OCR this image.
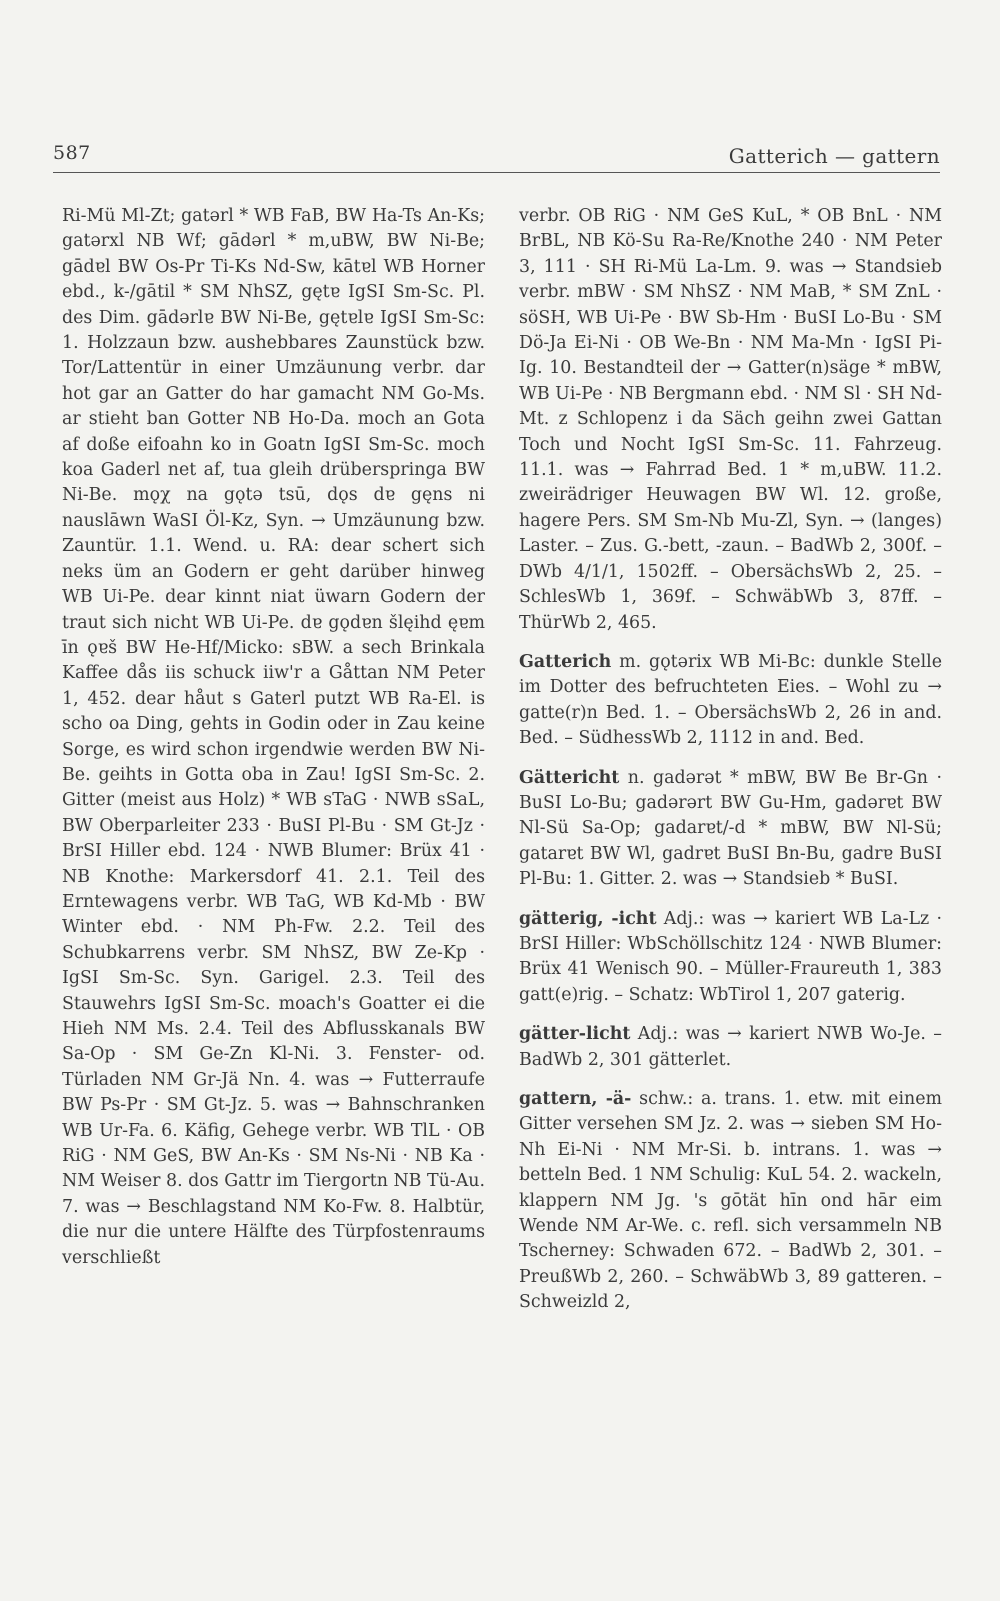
587	Gatterich — gattern

Ri-Mü Ml-Zt; gatərl * WB FaB, BW Ha-Ts An-Ks; gatərxl NB Wf; gādərl * m,uBW, BW Ni-Be; gādɐl BW Os-Pr Ti-Ks Nd-Sw, kātɐl WB Horner ebd., k-/gātil * SM NhSZ, gętɐ IgSI Sm-Sc. Pl. des Dim. gādərlɐ BW Ni-Be, gętɐlɐ IgSI Sm-Sc: 1. Holzzaun bzw. aushebbares Zaunstück bzw. Tor/Lattentür in einer Umzäunung verbr. dar hot gar an Gatter do har gamacht NM Go-Ms. ar stieht ban Gotter NB Ho-Da. moch an Gota af doße eifoahn ko in Goatn IgSI Sm-Sc. moch koa Gaderl net af, tua gleih drüberspringa BW Ni-Be. mǫχ na gǫtə tsū, dǫs dɐ gęns ni nauslāwn WaSI Öl-Kz, Syn. → Umzäunung bzw. Zauntür. 1.1. Wend. u. RA: dear schert sich neks üm an Godern er geht darüber hinweg WB Ui-Pe. dear kinnt niat üwarn Godern der traut sich nicht WB Ui-Pe. dɐ gǫdɐn šlęihd ęɐm īn ǫɐš BW He-Hf/Micko: sBW. a sech Brinkala Kaffee dås iis schuck iiw'r a Gåttan NM Peter 1, 452. dear håut s Gaterl putzt WB Ra-El. is scho oa Ding, gehts in Godin oder in Zau keine Sorge, es wird schon irgendwie werden BW Ni-Be. geihts in Gotta oba in Zau! IgSI Sm-Sc. 2. Gitter (meist aus Holz) * WB sTaG · NWB sSaL, BW Oberparleiter 233 · BuSI Pl-Bu · SM Gt-Jz · BrSI Hiller ebd. 124 · NWB Blumer: Brüx 41 · NB Knothe: Markersdorf 41. 2.1. Teil des Erntewagens verbr. WB TaG, WB Kd-Mb · BW Winter ebd. · NM Ph-Fw. 2.2. Teil des Schubkarrens verbr. SM NhSZ, BW Ze-Kp · IgSI Sm-Sc. Syn. Garigel. 2.3. Teil des Stauwehrs IgSI Sm-Sc. moach's Goatter ei die Hieh NM Ms. 2.4. Teil des Abflusskanals BW Sa-Op · SM Ge-Zn Kl-Ni. 3. Fenster- od. Türladen NM Gr-Jä Nn. 4. was → Futterraufe BW Ps-Pr · SM Gt-Jz. 5. was → Bahnschranken WB Ur-Fa. 6. Käfig, Gehege verbr. WB TlL · OB RiG · NM GeS, BW An-Ks · SM Ns-Ni · NB Ka · NM Weiser 8. dos Gattr im Tiergortn NB Tü-Au. 7. was → Beschlagstand NM Ko-Fw. 8. Halbtür, die nur die untere Hälfte des Türpfostenraums verschließt

verbr. OB RiG · NM GeS KuL, * OB BnL · NM BrBL, NB Kö-Su Ra-Re/Knothe 240 · NM Peter 3, 111 · SH Ri-Mü La-Lm. 9. was → Standsieb verbr. mBW · SM NhSZ · NM MaB, * SM ZnL · söSH, WB Ui-Pe · BW Sb-Hm · BuSI Lo-Bu · SM Dö-Ja Ei-Ni · OB We-Bn · NM Ma-Mn · IgSI Pi-Ig. 10. Bestandteil der → Gatter(n)säge * mBW, WB Ui-Pe · NB Bergmann ebd. · NM Sl · SH Nd-Mt. z Schlopenz i da Säch geihn zwei Gattan Toch und Nocht IgSI Sm-Sc. 11. Fahrzeug. 11.1. was → Fahrrad Bed. 1 * m,uBW. 11.2. zweirädriger Heuwagen BW Wl. 12. große, hagere Pers. SM Sm-Nb Mu-Zl, Syn. → (langes) Laster. – Zus. G.-bett, -zaun. – BadWb 2, 300f. – DWb 4/1/1, 1502ff. – ObersächsWb 2, 25. – SchlesWb 1, 369f. – SchwäbWb 3, 87ff. – ThürWb 2, 465.

Gatterich m. gǫtərix WB Mi-Bc: dunkle Stelle im Dotter des befruchteten Eies. – Wohl zu → gatte(r)n Bed. 1. – ObersächsWb 2, 26 in and. Bed. – SüdhessWb 2, 1112 in and. Bed.

Gättericht n. gadərət * mBW, BW Be Br-Gn · BuSI Lo-Bu; gadərərt BW Gu-Hm, gadərɐt BW Nl-Sü Sa-Op; gadarɐt/-d * mBW, BW Nl-Sü; gatarɐt BW Wl, gadrɐt BuSI Bn-Bu, gadrɐ BuSI Pl-Bu: 1. Gitter. 2. was → Standsieb * BuSI.

gätterig, -icht Adj.: was → kariert WB La-Lz · BrSI Hiller: WbSchöllschitz 124 · NWB Blumer: Brüx 41 Wenisch 90. – Müller-Fraureuth 1, 383 gatt(e)rig. – Schatz: WbTirol 1, 207 gaterig.

gätter-licht Adj.: was → kariert NWB Wo-Je. – BadWb 2, 301 gätterlet.

gattern, -ä- schw.: a. trans. 1. etw. mit einem Gitter versehen SM Jz. 2. was → sieben SM Ho-Nh Ei-Ni · NM Mr-Si. b. intrans. 1. was → betteln Bed. 1 NM Schulig: KuL 54. 2. wackeln, klappern NM Jg. 's gōtät hīn ond hār eim Wende NM Ar-We. c. refl. sich versammeln NB Tscherney: Schwaden 672. – BadWb 2, 301. – PreußWb 2, 260. – SchwäbWb 3, 89 gatteren. – Schweizld 2,
